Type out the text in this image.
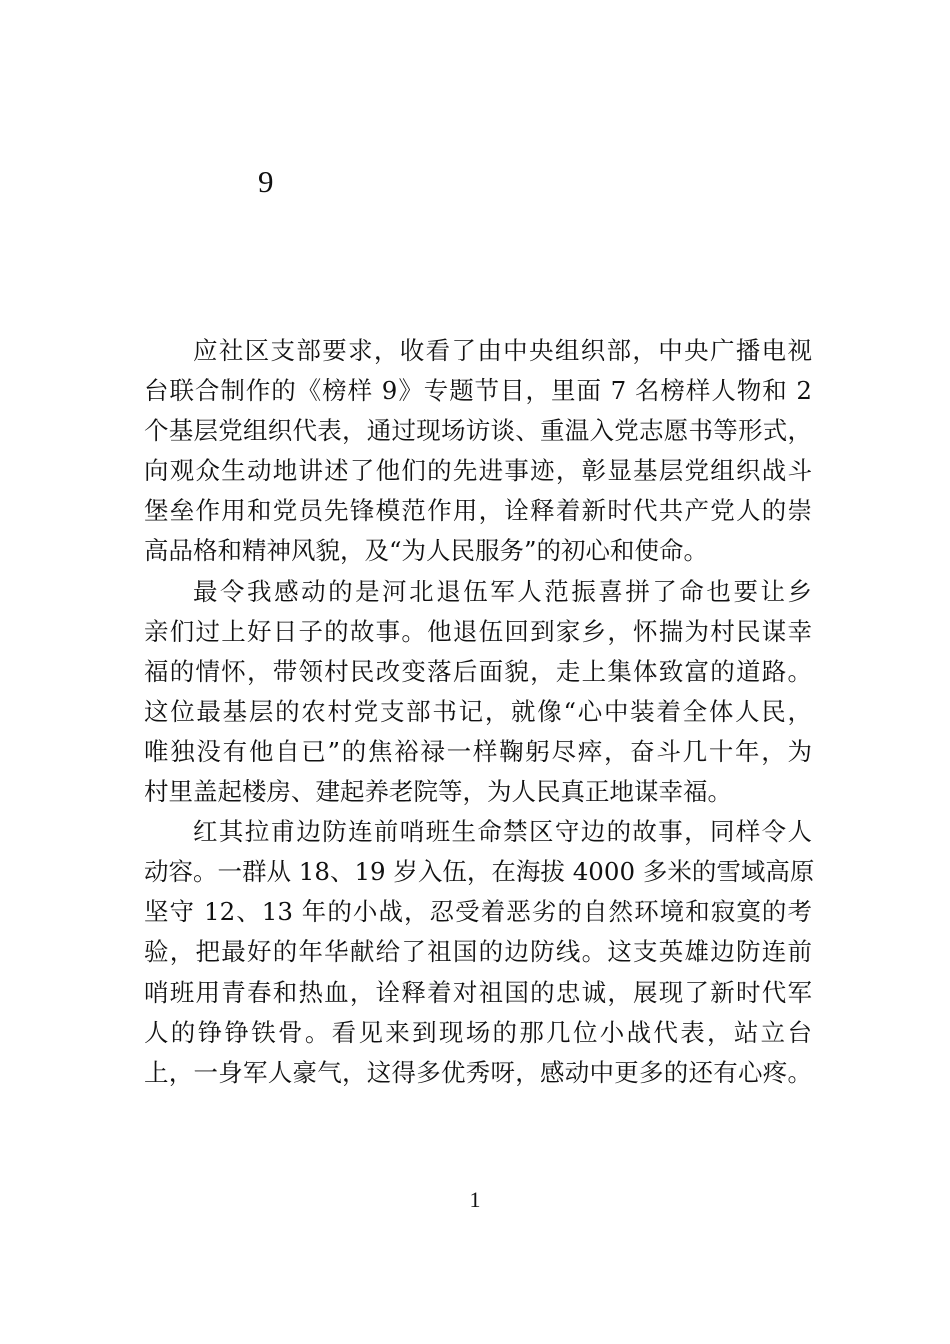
9
应社区支部要求，收看了由中央组织部，中央广播电视
台联合制作的《榜样 9》专题节目，里面 7 名榜样人物和 2
个基层党组织代表，通过现场访谈、重温入党志愿书等形式，
向观众生动地讲述了他们的先进事迹，彰显基层党组织战斗
堡垒作用和党员先锋模范作用，诠释着新时代共产党人的崇
高品格和精神风貌，及“为人民服务”的初心和使命。
最令我感动的是河北退伍军人范振喜拼了命也要让乡
亲们过上好日子的故事。他退伍回到家乡，怀揣为村民谋幸
福的情怀，带领村民改变落后面貌，走上集体致富的道路。
这位最基层的农村党支部书记，就像“心中装着全体人民，
唯独没有他自已”的焦裕禄一样鞠躬尽瘁，奋斗几十年，为
村里盖起楼房、建起养老院等，为人民真正地谋幸福。
红其拉甫边防连前哨班生命禁区守边的故事，同样令人
动容。一群从 18、19 岁入伍，在海拔 4000 多米的雪域高原
坚守 12、13 年的小战，忍受着恶劣的自然环境和寂寞的考
验，把最好的年华献给了祖国的边防线。这支英雄边防连前
哨班用青春和热血，诠释着对祖国的忠诚，展现了新时代军
人的铮铮铁骨。看见来到现场的那几位小战代表，站立台
上，一身军人豪气，这得多优秀呀，感动中更多的还有心疼。
1
